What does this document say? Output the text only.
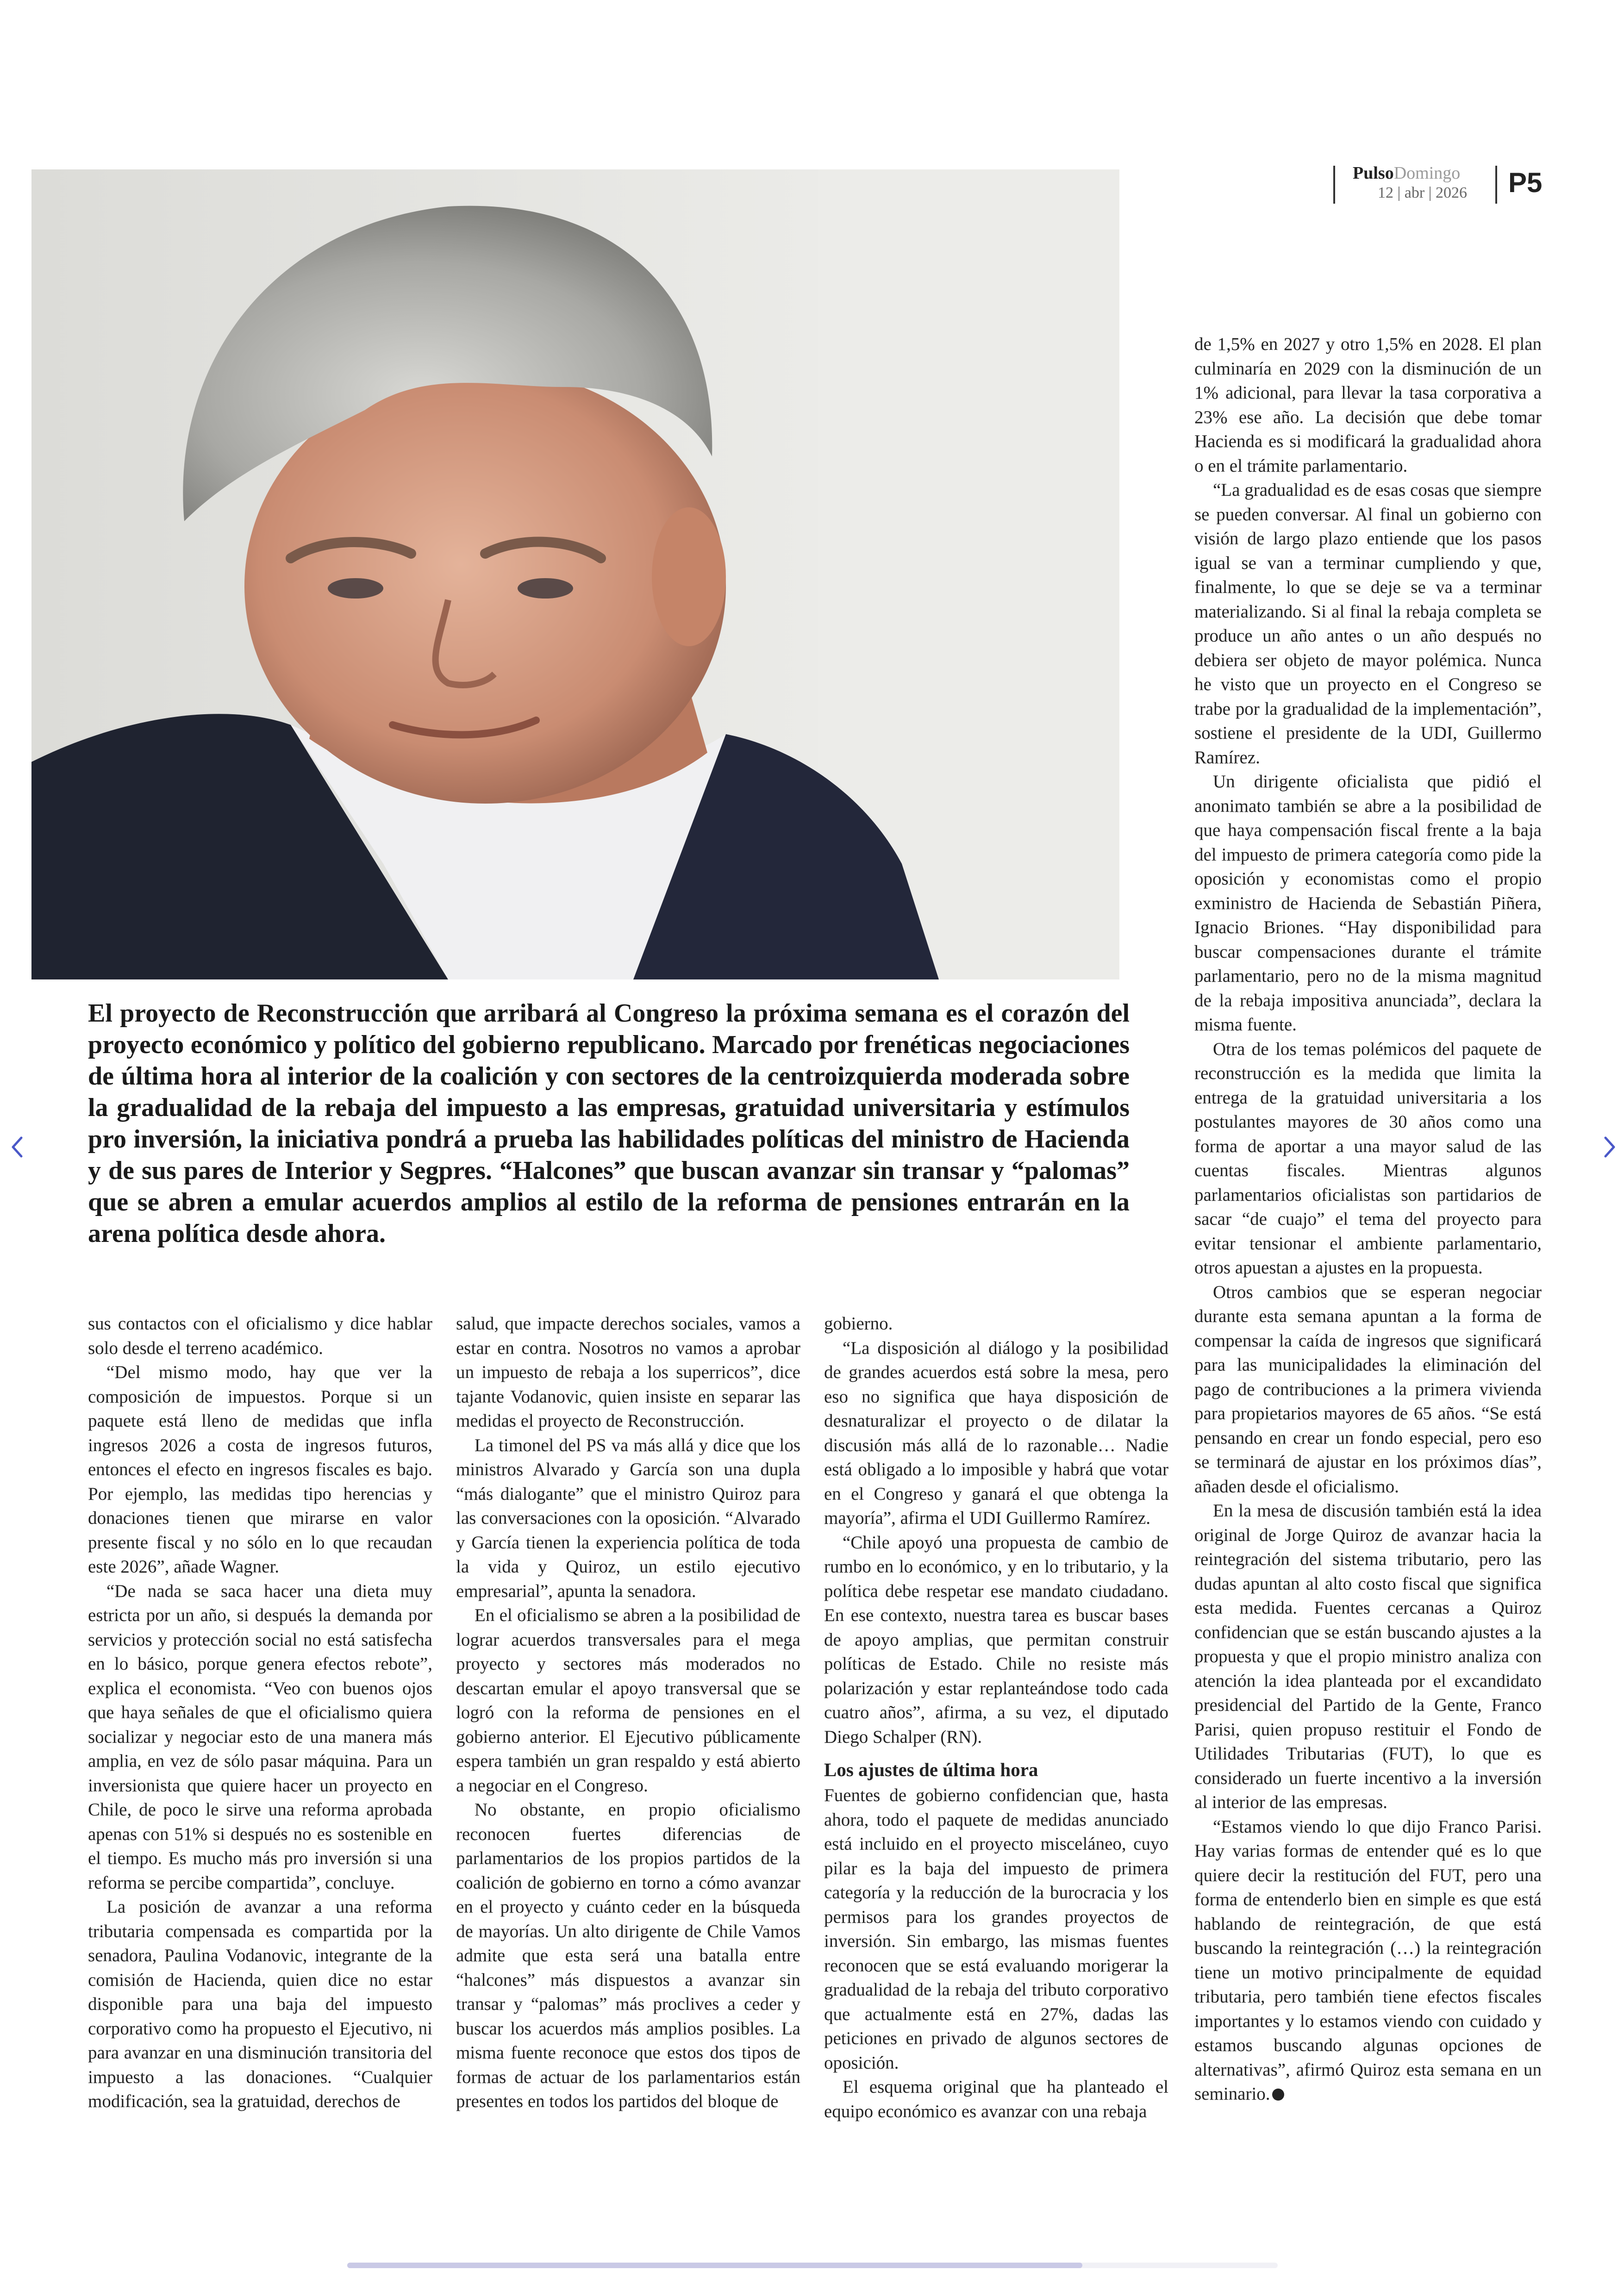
PulsoDomingo
12 | abr | 2026 P5
El proyecto de Reconstrucción que arribará al Congreso la próxima semana es el corazón del proyecto económico y político del gobierno republicano. Marcado por frenéticas negociaciones de última hora al interior de la coalición y con sectores de la centroizquierda moderada sobre la gradualidad de la rebaja del impuesto a las empresas, gratuidad universitaria y estímulos pro inversión, la iniciativa pondrá a prueba las habilidades políticas del ministro de Hacienda y de sus pares de Interior y Segpres. “Halcones” que buscan avanzar sin transar y “palomas” que se abren a emular acuerdos amplios al estilo de la reforma de pensiones entrarán en la arena política desde ahora.

sus contactos con el oficialismo y dice hablar solo desde el terreno académico.

“Del mismo modo, hay que ver la composición de impuestos. Porque si un paquete está lleno de medidas que infla ingresos 2026 a costa de ingresos futuros, entonces el efecto en ingresos fiscales es bajo. Por ejemplo, las medidas tipo herencias y donaciones tienen que mirarse en valor presente fiscal y no sólo en lo que recaudan este 2026”, añade Wagner.

“De nada se saca hacer una dieta muy estricta por un año, si después la demanda por servicios y protección social no está satisfecha en lo básico, porque genera efectos rebote”, explica el economista. “Veo con buenos ojos que haya señales de que el oficialismo quiera socializar y negociar esto de una manera más amplia, en vez de sólo pasar máquina. Para un inversionista que quiere hacer un proyecto en Chile, de poco le sirve una reforma aprobada apenas con 51% si después no es sostenible en el tiempo. Es mucho más pro inversión si una reforma se percibe compartida”, concluye.

La posición de avanzar a una reforma tributaria compensada es compartida por la senadora, Paulina Vodanovic, integrante de la comisión de Hacienda, quien dice no estar disponible para una baja del impuesto corporativo como ha propuesto el Ejecutivo, ni para avanzar en una disminución transitoria del impuesto a las donaciones. “Cualquier modificación, sea la gratuidad, derechos de

salud, que impacte derechos sociales, vamos a estar en contra. Nosotros no vamos a aprobar un impuesto de rebaja a los superricos”, dice tajante Vodanovic, quien insiste en separar las medidas el proyecto de Reconstrucción.

La timonel del PS va más allá y dice que los ministros Alvarado y García son una dupla “más dialogante” que el ministro Quiroz para las conversaciones con la oposición. “Alvarado y García tienen la experiencia política de toda la vida y Quiroz, un estilo ejecutivo empresarial”, apunta la senadora.

En el oficialismo se abren a la posibilidad de lograr acuerdos transversales para el mega proyecto y sectores más moderados no descartan emular el apoyo transversal que se logró con la reforma de pensiones en el gobierno anterior. El Ejecutivo públicamente espera también un gran respaldo y está abierto a negociar en el Congreso.

No obstante, en propio oficialismo reconocen fuertes diferencias de parlamentarios de los propios partidos de la coalición de gobierno en torno a cómo avanzar en el proyecto y cuánto ceder en la búsqueda de mayorías. Un alto dirigente de Chile Vamos admite que esta será una batalla entre “halcones” más dispuestos a avanzar sin transar y “palomas” más proclives a ceder y buscar los acuerdos más amplios posibles. La misma fuente reconoce que estos dos tipos de formas de actuar de los parlamentarios están presentes en todos los partidos del bloque de

gobierno.

“La disposición al diálogo y la posibilidad de grandes acuerdos está sobre la mesa, pero eso no significa que haya disposición de desnaturalizar el proyecto o de dilatar la discusión más allá de lo razonable… Nadie está obligado a lo imposible y habrá que votar en el Congreso y ganará el que obtenga la mayoría”, afirma el UDI Guillermo Ramírez.

“Chile apoyó una propuesta de cambio de rumbo en lo económico, y en lo tributario, y la política debe respetar ese mandato ciudadano. En ese contexto, nuestra tarea es buscar bases de apoyo amplias, que permitan construir políticas de Estado. Chile no resiste más polarización y estar replanteándose todo cada cuatro años”, afirma, a su vez, el diputado Diego Schalper (RN).

Los ajustes de última hora

Fuentes de gobierno confidencian que, hasta ahora, todo el paquete de medidas anunciado está incluido en el proyecto misceláneo, cuyo pilar es la baja del impuesto de primera categoría y la reducción de la burocracia y los permisos para los grandes proyectos de inversión. Sin embargo, las mismas fuentes reconocen que se está evaluando morigerar la gradualidad de la rebaja del tributo corporativo que actualmente está en 27%, dadas las peticiones en privado de algunos sectores de oposición.

El esquema original que ha planteado el equipo económico es avanzar con una rebaja

de 1,5% en 2027 y otro 1,5% en 2028. El plan culminaría en 2029 con la disminución de un 1% adicional, para llevar la tasa corporativa a 23% ese año. La decisión que debe tomar Hacienda es si modificará la gradualidad ahora o en el trámite parlamentario.

“La gradualidad es de esas cosas que siempre se pueden conversar. Al final un gobierno con visión de largo plazo entiende que los pasos igual se van a terminar cumpliendo y que, finalmente, lo que se deje se va a terminar materializando. Si al final la rebaja completa se produce un año antes o un año después no debiera ser objeto de mayor polémica. Nunca he visto que un proyecto en el Congreso se trabe por la gradualidad de la implementación”, sostiene el presidente de la UDI, Guillermo Ramírez.

Un dirigente oficialista que pidió el anonimato también se abre a la posibilidad de que haya compensación fiscal frente a la baja del impuesto de primera categoría como pide la oposición y economistas como el propio exministro de Hacienda de Sebastián Piñera, Ignacio Briones. “Hay disponibilidad para buscar compensaciones durante el trámite parlamentario, pero no de la misma magnitud de la rebaja impositiva anunciada”, declara la misma fuente.

Otra de los temas polémicos del paquete de reconstrucción es la medida que limita la entrega de la gratuidad universitaria a los postulantes mayores de 30 años como una forma de aportar a una mayor salud de las cuentas fiscales. Mientras algunos parlamentarios oficialistas son partidarios de sacar “de cuajo” el tema del proyecto para evitar tensionar el ambiente parlamentario, otros apuestan a ajustes en la propuesta.

Otros cambios que se esperan negociar durante esta semana apuntan a la forma de compensar la caída de ingresos que significará para las municipalidades la eliminación del pago de contribuciones a la primera vivienda para propietarios mayores de 65 años. “Se está pensando en crear un fondo especial, pero eso se terminará de ajustar en los próximos días”, añaden desde el oficialismo.

En la mesa de discusión también está la idea original de Jorge Quiroz de avanzar hacia la reintegración del sistema tributario, pero las dudas apuntan al alto costo fiscal que significa esta medida. Fuentes cercanas a Quiroz confidencian que se están buscando ajustes a la propuesta y que el propio ministro analiza con atención la idea planteada por el excandidato presidencial del Partido de la Gente, Franco Parisi, quien propuso restituir el Fondo de Utilidades Tributarias (FUT), lo que es considerado un fuerte incentivo a la inversión al interior de las empresas.

“Estamos viendo lo que dijo Franco Parisi. Hay varias formas de entender qué es lo que quiere decir la restitución del FUT, pero una forma de entenderlo bien en simple es que está hablando de reintegración, de que está buscando la reintegración (…) la reintegración tiene un motivo principalmente de equidad tributaria, pero también tiene efectos fiscales importantes y lo estamos viendo con cuidado y estamos buscando algunas opciones de alternativas”, afirmó Quiroz esta semana en un seminario.
